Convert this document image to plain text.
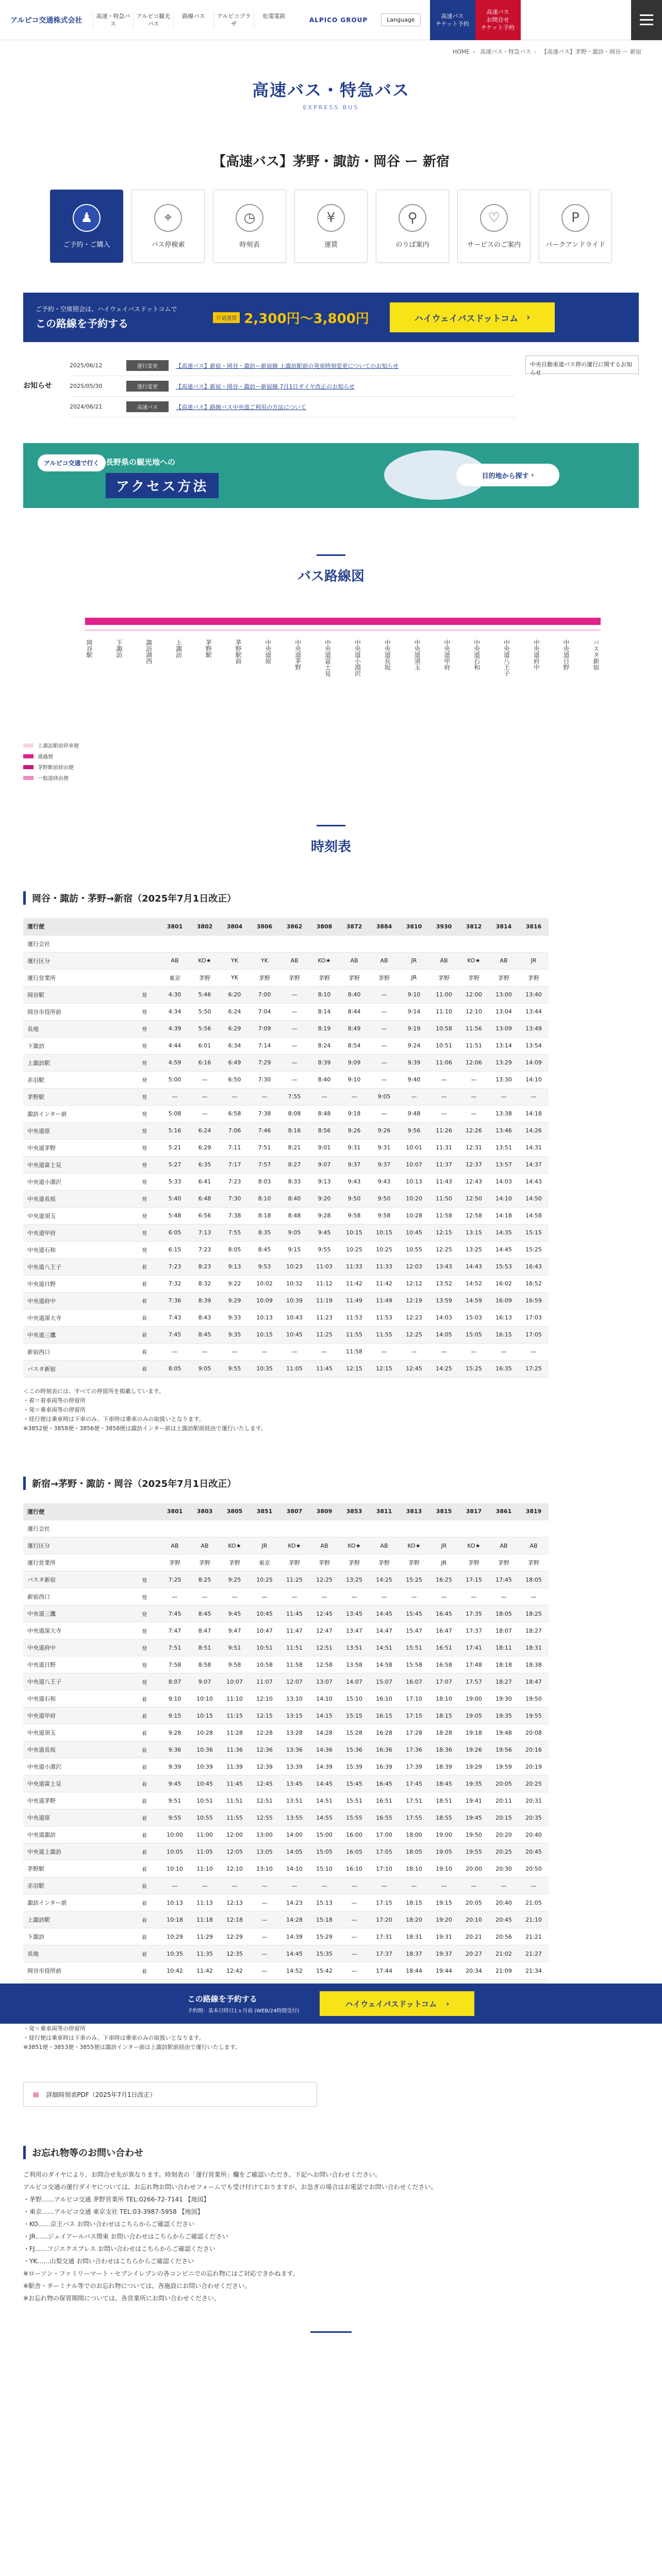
アルピコ交通株式会社
高速・特急バス
アルピコ観光バス
路線バス	アルピコプラザ
松電電鉄
ALPICO GROUP	Language
高速バス
チケット予約
高速バス
お問合せ
チケット予約
HOME › 高速バス・特急バス › 【高速バス】茅野・諏訪・岡谷 ー 新宿
高速バス・特急バス

EXPRESS BUS

【高速バス】茅野・諏訪・岡谷 ー 新宿
♟
ご予約・ご購入
⌖
バス停検索
◷
時刻表
¥
運賃
⚲
のりば案内
♡
サービスのご案内
P
パークアンドライド
ご予約・空席照会は、ハイウェイバスドットコムで
この路線を予約する	片道運賃 2,300円～3,800円	ハイウェイバスドットコム ›
お知らせ
2025/06/12	運行変更	【高速バス】新宿・岡谷・諏訪ー新宿線 上諏訪駅前の発車時刻変更についてのお知らせ
2025/05/30	運行変更	【高速バス】新宿・岡谷・諏訪ー新宿線 7月1日ダイヤ改正のお知らせ
2024/06/21	高速バス	【高速バス】路線バス中央道ご利用の方法について
中央自動車道バス停の運行に関するお知らせ
アルピコ交通で行く 長野県の観光地への
アクセス方法
目的地から探す ›
バス路線図
岡谷駅	下諏訪	諏訪湖西	上諏訪	茅野駅	茅野駅前	中央道原	中央道茅野	中央道富士見	中央道小淵沢	中央道長坂	中央道須玉	中央道甲府	中央道石和	中央道八王子	中央道府中	中央道日野	バスタ新宿
上諏訪駅前停車便
通過便
茅野駅前経由便
一般道経由便
時刻表
岡谷・諏訪・茅野→新宿（2025年7月1日改正）
運行便		3801	3802	3804	3806	3862	3808	3872	3884	3810	3930	3812	3814	3816
運行会社														
運行区分		AB	KO★	YK	YK	AB	KO★	AB	AB	JR	AB	KO★	AB	JR
運行営業所		東京	茅野	YK	茅野	茅野	茅野	茅野	茅野	JR	茅野	茅野	茅野	茅野
岡谷駅	発	4:30	5:46	6:20	7:00	—	8:10	8:40	—	9:10	11:00	12:00	13:00	13:40
岡谷市役所前	発	4:34	5:50	6:24	7:04	—	8:14	8:44	—	9:14	11:10	12:10	13:04	13:44
長地	発	4:39	5:56	6:29	7:09	—	8:19	8:49	—	9:19	10:58	11:56	13:09	13:49
下諏訪	発	4:44	6:01	6:34	7:14	—	8:24	8:54	—	9:24	10:51	11:51	13:14	13:54
上諏訪駅	発	4:59	6:16	6:49	7:29	—	8:39	9:09	—	9:39	11:06	12:06	13:29	14:09
赤羽駅	発	5:00	—	6:50	7:30	—	8:40	9:10	—	9:40	—	—	13:30	14:10
茅野駅	発	—	—	—	—	7:55	—	—	9:05	—	—	—	—	—
諏訪インター前	発	5:08	—	6:58	7:38	8:08	8:48	9:18	—	9:48	—	—	13:38	14:18
中央道原	発	5:16	6:24	7:06	7:46	8:16	8:56	9:26	9:26	9:56	11:26	12:26	13:46	14:26
中央道茅野	発	5:21	6:29	7:11	7:51	8:21	9:01	9:31	9:31	10:01	11:31	12:31	13:51	14:31
中央道富士見	発	5:27	6:35	7:17	7:57	8:27	9:07	9:37	9:37	10:07	11:37	12:37	13:57	14:37
中央道小淵沢	発	5:33	6:41	7:23	8:03	8:33	9:13	9:43	9:43	10:13	11:43	12:43	14:03	14:43
中央道長坂	発	5:40	6:48	7:30	8:10	8:40	9:20	9:50	9:50	10:20	11:50	12:50	14:10	14:50
中央道須玉	発	5:48	6:56	7:38	8:18	8:48	9:28	9:58	9:58	10:28	11:58	12:58	14:18	14:58
中央道甲府	発	6:05	7:13	7:55	8:35	9:05	9:45	10:15	10:15	10:45	12:15	13:15	14:35	15:15
中央道石和	発	6:15	7:23	8:05	8:45	9:15	9:55	10:25	10:25	10:55	12:25	13:25	14:45	15:25
中央道八王子	着	7:23	8:23	9:13	9:53	10:23	11:03	11:33	11:33	12:03	13:43	14:43	15:53	16:43
中央道日野	着	7:32	8:32	9:22	10:02	10:32	11:12	11:42	11:42	12:12	13:52	14:52	16:02	16:52
中央道府中	着	7:36	8:39	9:29	10:09	10:39	11:19	11:49	11:49	12:19	13:59	14:59	16:09	16:59
中央道深大寺	着	7:43	8:43	9:33	10:13	10:43	11:23	11:53	11:53	12:23	14:03	15:03	16:13	17:03
中央道三鷹	着	7:45	8:45	9:35	10:15	10:45	11:25	11:55	11:55	12:25	14:05	15:05	16:15	17:05
新宿西口	着	—	—	—	—	—	—	11:58	—	—	—	—	—	—
バスタ新宿	着	8:05	9:05	9:55	10:35	11:05	11:45	12:15	12:15	12:45	14:25	15:25	16:35	17:25
＜この時刻表には、すべての停留所を掲載しています。
・着＝着車両等の停留所
・発＝乗車両等の停留所
・経行便は乗車時は下車のみ、下車時は乗車のみの取扱いとなります。
※3852便・3858便・3856便・3858便は諏訪インター前は上諏訪駅前経由で運行いたします。
新宿→茅野・諏訪・岡谷（2025年7月1日改正）
運行便		3801	3803	3805	3851	3807	3809	3853	3811	3813	3815	3817	3861	3819
運行会社														
運行区分		AB	AB	KO★	JR	KO★	AB	KO★	AB	KO★	JR	KO★	AB	AB
運行営業所		茅野	茅野	茅野	東京	茅野	茅野	茅野	茅野	茅野	JR	茅野	茅野	茅野
バスタ新宿	発	7:25	8:25	9:25	10:25	11:25	12:25	13:25	14:25	15:25	16:25	17:15	17:45	18:05
新宿西口	発	—	—	—	—	—	—	—	—	—	—	—	—	—
中央道三鷹	発	7:45	8:45	9:45	10:45	11:45	12:45	13:45	14:45	15:45	16:45	17:35	18:05	18:25
中央道深大寺	発	7:47	8:47	9:47	10:47	11:47	12:47	13:47	14:47	15:47	16:47	17:37	18:07	18:27
中央道府中	発	7:51	8:51	9:51	10:51	11:51	12:51	13:51	14:51	15:51	16:51	17:41	18:11	18:31
中央道日野	発	7:58	8:58	9:58	10:58	11:58	12:58	13:58	14:58	15:58	16:58	17:48	18:18	18:38
中央道八王子	発	8:07	9:07	10:07	11:07	12:07	13:07	14:07	15:07	16:07	17:07	17:57	18:27	18:47
中央道石和	着	9:10	10:10	11:10	12:10	13:10	14:10	15:10	16:10	17:10	18:10	19:00	19:30	19:50
中央道甲府	着	9:15	10:15	11:15	12:15	13:15	14:15	15:15	16:15	17:15	18:15	19:05	19:35	19:55
中央道須玉	着	9:28	10:28	11:28	12:28	13:28	14:28	15:28	16:28	17:28	18:28	19:18	19:48	20:08
中央道長坂	着	9:36	10:36	11:36	12:36	13:36	14:36	15:36	16:36	17:36	18:36	19:26	19:56	20:16
中央道小淵沢	着	9:39	10:39	11:39	12:39	13:39	14:39	15:39	16:39	17:39	18:39	19:29	19:59	20:19
中央道富士見	着	9:45	10:45	11:45	12:45	13:45	14:45	15:45	16:45	17:45	18:45	19:35	20:05	20:25
中央道茅野	着	9:51	10:51	11:51	12:51	13:51	14:51	15:51	16:51	17:51	18:51	19:41	20:11	20:31
中央道原	着	9:55	10:55	11:55	12:55	13:55	14:55	15:55	16:55	17:55	18:55	19:45	20:15	20:35
中央道諏訪	着	10:00	11:00	12:00	13:00	14:00	15:00	16:00	17:00	18:00	19:00	19:50	20:20	20:40
中央道上諏訪	着	10:05	11:05	12:05	13:05	14:05	15:05	16:05	17:05	18:05	19:05	19:55	20:25	20:45
茅野駅	着	10:10	11:10	12:10	13:10	14:10	15:10	16:10	17:10	18:10	19:10	20:00	20:30	20:50
赤羽駅	着	—	—	—	—	—	—	—	—	—	—	—	—	—
諏訪インター前	着	10:13	11:13	12:13	—	14:23	15:13	—	17:15	18:15	19:15	20:05	20:40	21:05
上諏訪駅	着	10:18	11:18	12:18	—	14:28	15:18	—	17:20	18:20	19:20	20:10	20:45	21:10
下諏訪	着	10:29	11:29	12:29	—	14:39	15:29	—	17:31	18:31	19:31	20:21	20:56	21:21
長地	着	10:35	11:35	12:35	—	14:45	15:35	—	17:37	18:37	19:37	20:27	21:02	21:27
岡谷市役所前	着	10:42	11:42	12:42	—	14:52	15:42	—	17:44	18:44	19:44	20:34	21:09	21:34

・発＝乗車両等の停留所
・経行便は乗車時は下車のみ、下車時は乗車のみの取扱いとなります。
※3851便・3853便・3855便は諏訪インター前は上諏訪駅前経由で運行いたします。
▤ 詳細時刻表PDF（2025年7月1日改正）
お忘れ物等のお問い合わせ
ご利用のダイヤにより、お問合せ先が異なります。時刻表の「運行営業所」欄をご確認いただき、下記へお問い合わせください。
アルピコ交通の運行ダイヤについては、お忘れ物お問い合わせフォームでも受け付けておりますが、お急ぎの場合はお電話でお問い合わせください。
・茅野……アルピコ交通 茅野営業所 TEL:0266-72-7141 【地図】
・東京……アルピコ交通 東京支社 TEL:03-3987-5958 【地図】
・KO……京王バス お問い合わせはこちらからご確認ください
・JR……ジェイアールバス関東 お問い合わせはこちらからご確認ください
・FJ……フジエクスプレス お問い合わせはこちらからご確認ください
・YK……山梨交通 お問い合わせはこちらからご確認ください
※ローソン・ファミリーマート・セブンイレブンの各コンビニでの忘れ物にはご対応できかねます。
※駅舎・ターミナル等でのお忘れ物については、各施設にお問い合わせください。
※お忘れ物の保管期間については、各営業所にお問い合わせください。
この路線を予約する
予約開：基本日時日1ヵ月前 (WEB/24時間受付)
ハイウェイバスドットコム ›
